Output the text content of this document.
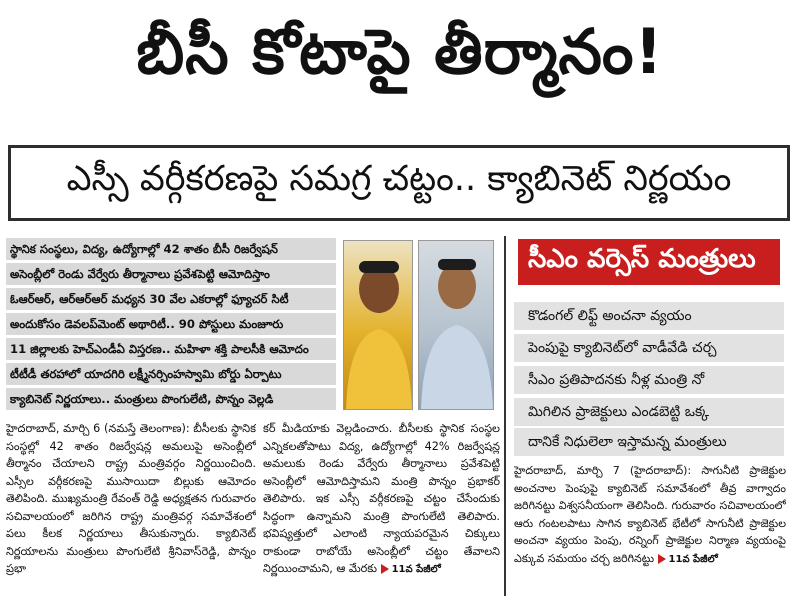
బీసీ కోటాపై తీర్మానం!
ఎస్సీ వర్గీకరణపై సమగ్ర చట్టం.. క్యాబినెట్ నిర్ణయం
స్థానిక సంస్థలు, విద్య, ఉద్యోగాల్లో 42 శాతం బీసీ రిజర్వేషన్
అసెంబ్లీలో రెండు వేర్వేరు తీర్మానాలు ప్రవేశపెట్టి ఆమోదిస్తాం
ఓఆర్ఆర్, ఆర్ఆర్ఆర్ మధ్యన 30 వేల ఎకరాల్లో ఫ్యూచర్ సిటీ
అందుకోసం డెవలప్‌మెంట్ అథారిటీ.. 90 పోస్టులు మంజూరు
11 జిల్లాలకు హెచ్ఎండీఏ విస్తరణ.. మహిళా శక్తి పాలసీకి ఆమోదం
టీటీడీ తరహాలో యాదగిరి లక్ష్మీనర్సింహస్వామి బోర్డు ఏర్పాటు
క్యాబినెట్ నిర్ణయాలు.. మంత్రులు పొంగులేటి, పొన్నం వెల్లడి
హైదరాబాద్, మార్చి 6 (నమస్తే తెలంగాణ): బీసీలకు స్థానిక సంస్థల్లో 42 శాతం రిజర్వేషన్ల అమలుపై అసెంబ్లీలో తీర్మానం చేయాలని రాష్ట్ర మంత్రివర్గం నిర్ణయించింది. ఎస్సీల వర్గీకరణపై ముసాయిదా బిల్లుకు ఆమోదం తెలిపింది. ముఖ్యమంత్రి రేవంత్ రెడ్డి అధ్యక్షతన గురువారం సచివాలయంలో జరిగిన రాష్ట్ర మంత్రివర్గ సమావేశంలో పలు కీలక నిర్ణయాలు తీసుకున్నారు. క్యాబినెట్ నిర్ణయాలను మంత్రులు పొంగులేటి శ్రీనివాస్‌రెడ్డి, పొన్నం ప్రభా
కర్ మీడియాకు వెల్లడించారు. బీసీలకు స్థానిక సంస్థల ఎన్నికలతోపాటు విద్య, ఉద్యోగాల్లో 42% రిజర్వేషన్ల అమలుకు రెండు వేర్వేరు తీర్మానాలు ప్రవేశపెట్టి అసెంబ్లీలో ఆమోదిస్తామని మంత్రి పొన్నం ప్రభాకర్ తెలిపారు. ఇక ఎస్సీ వర్గీకరణపై చట్టం చేసేందుకు సిద్ధంగా ఉన్నామని మంత్రి పొంగులేటి తెలిపారు. భవిష్యత్తులో ఎలాంటి న్యాయపరమైన చిక్కులు రాకుండా రాబోయే అసెంబ్లీలో చట్టం తేవాలని నిర్ణయించామని, ఆ మేరకు 11వ పేజీలో
సీఎం వర్సెస్ మంత్రులు
కొడంగల్ లిఫ్ట్ అంచనా వ్యయం
పెంపుపై క్యాబినెట్‌లో వాడీవేడి చర్చ
సీఎం ప్రతిపాదనకు నీళ్ల మంత్రి నో
మిగిలిన ప్రాజెక్టులు ఎండబెట్టి ఒక్క
దానికే నిధులెలా ఇస్తామన్న మంత్రులు
హైదరాబాద్, మార్చి 7 (హైదరాబాద్): సాగునీటి ప్రాజెక్టుల అంచనాల పెంపుపై క్యాబినెట్ సమావేశంలో తీవ్ర వాగ్వాదం జరిగినట్టు విశ్వసనీయంగా తెలిసింది. గురువారం సచివాలయంలో ఆరు గంటలపాటు సాగిన క్యాబినెట్ భేటీలో సాగునీటి ప్రాజెక్టుల అంచనా వ్యయం పెంపు, రన్నింగ్ ప్రాజెక్టుల నిర్మాణ వ్యయంపై ఎక్కువ సమయం చర్చ జరిగినట్టు 11వ పేజీలో
